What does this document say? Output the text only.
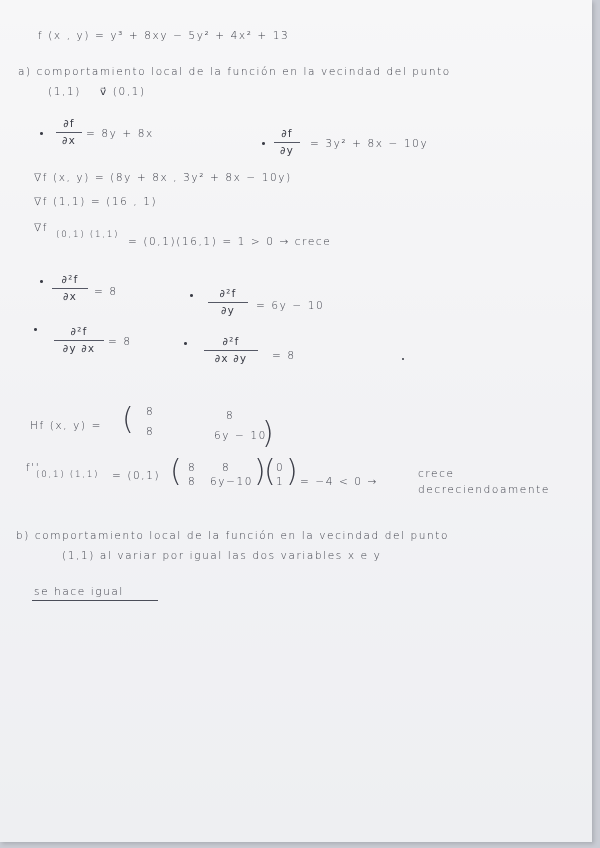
f (x , y) = y³ + 8xy − 5y² + 4x² + 13
a) comportamiento local de la función en la vecindad del punto
(1,1) v⃗ (0,1)
∂f
∂x
= 8y + 8x	∂f
∂y
= 3y² + 8x − 10y
∇f (x, y) = (8y + 8x , 3y² + 8x − 10y)
∇f (1,1) = (16 , 1)
∇f
(0,1) (1,1)
= (0,1)(16,1) = 1 > 0 → crece
∂²f
∂x	= 8	∂²f
∂y	= 6y − 10
∂²f
∂y ∂x
= 8	∂²f
∂x ∂y	= 8
Hf (x, y) = ( 8	8
8	6y − 10
)
f''
(0,1) (1,1) = (0,1) ( 8 8
8 6y−10 )
(
0
1 ) = −4 < 0 →
crece
decreciendoamente
b) comportamiento local de la función en la vecindad del punto
(1,1) al variar por igual las dos variables x e y
se hace igual
